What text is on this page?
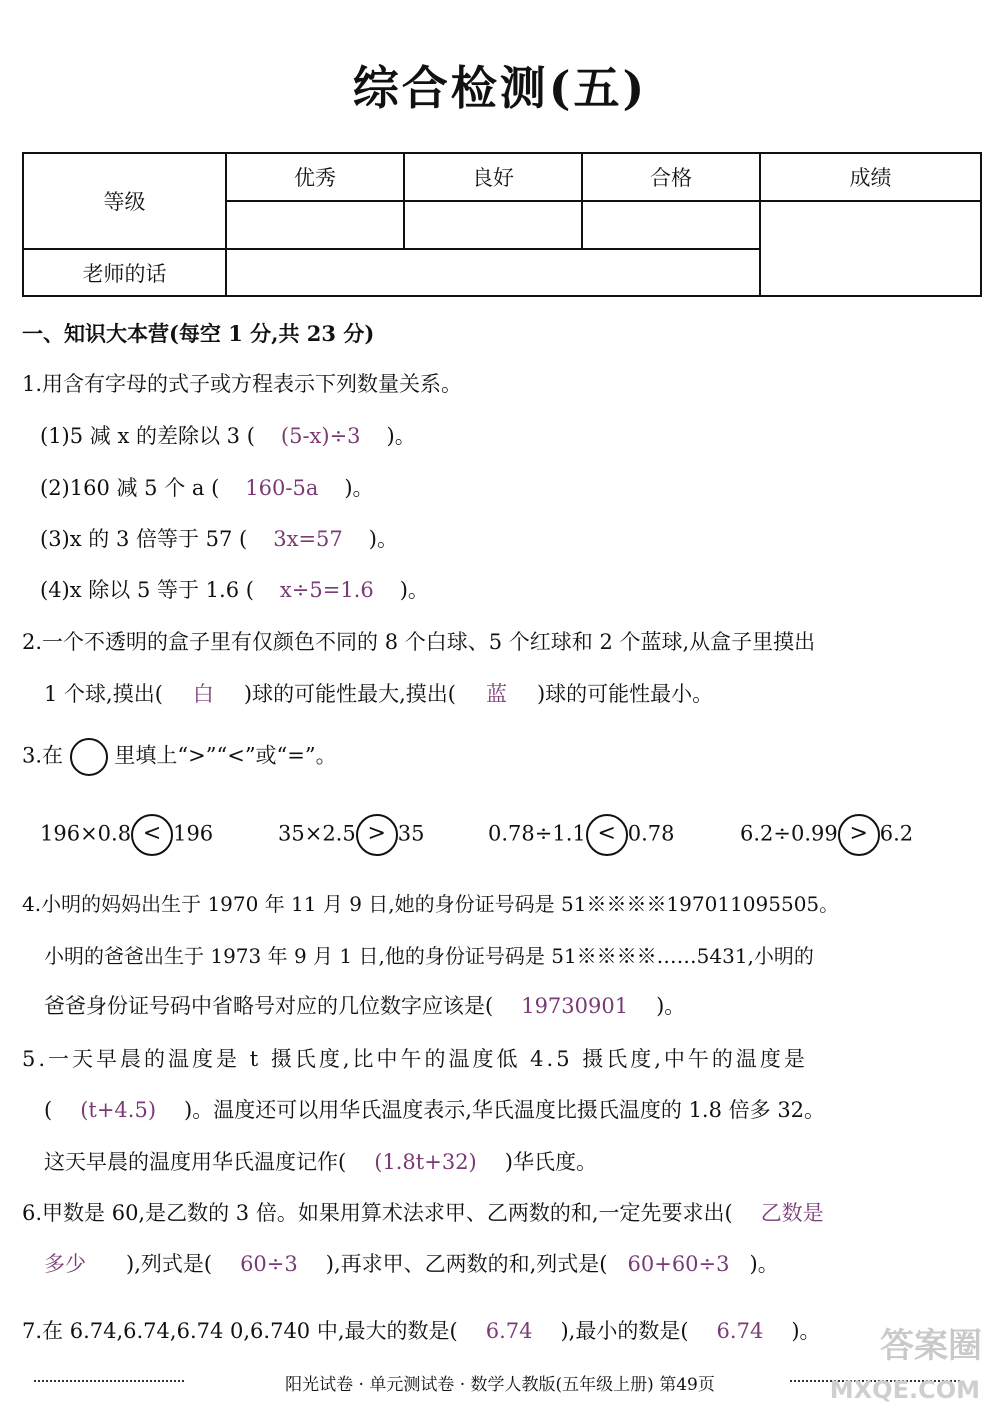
综合检测(五)
等级	优秀	良好	合格	成绩

老师的话				
一、知识大本营(每空 1 分,共 23 分)
1.用含有字母的式子或方程表示下列数量关系。
(1)5 减 x 的差除以 3 ( (5-x)÷3 )。
(2)160 减 5 个 a ( 160-5a )。
(3)x 的 3 倍等于 57 ( 3x=57 )。
(4)x 除以 5 等于 1.6 ( x÷5=1.6 )。
2.一个不透明的盒子里有仅颜色不同的 8 个白球、5 个红球和 2 个蓝球,从盒子里摸出
1 个球,摸出( 白 )球的可能性最大,摸出( 蓝 )球的可能性最小。
3.在 里填上“>”“<”或“=”。
196×0.8 < 196	35×2.5 > 35	0.78÷1.1 < 0.78	6.2÷0.99 > 6.2
4.小明的妈妈出生于 1970 年 11 月 9 日,她的身份证号码是 51※※※※197011095505。
小明的爸爸出生于 1973 年 9 月 1 日,他的身份证号码是 51※※※※……5431,小明的
爸爸身份证号码中省略号对应的几位数字应该是( 19730901 )。
5.一天早晨的温度是 t 摄氏度,比中午的温度低 4.5 摄氏度,中午的温度是
( (t+4.5) )。温度还可以用华氏温度表示,华氏温度比摄氏温度的 1.8 倍多 32。
这天早晨的温度用华氏温度记作( (1.8t+32) )华氏度。
6.甲数是 60,是乙数的 3 倍。如果用算术法求甲、乙两数的和,一定先要求出( 乙数是
多少 ),列式是( 60÷3 ),再求甲、乙两数的和,列式是( 60+60÷3 )。
7.在 6.74,6.74,6.74 0,6.740 中,最大的数是( 6.74 ),最小的数是( 6.74 )。
阳光试卷 · 单元测试卷 · 数学人教版(五年级上册) 第49页
答案圈
MXQE.COM
